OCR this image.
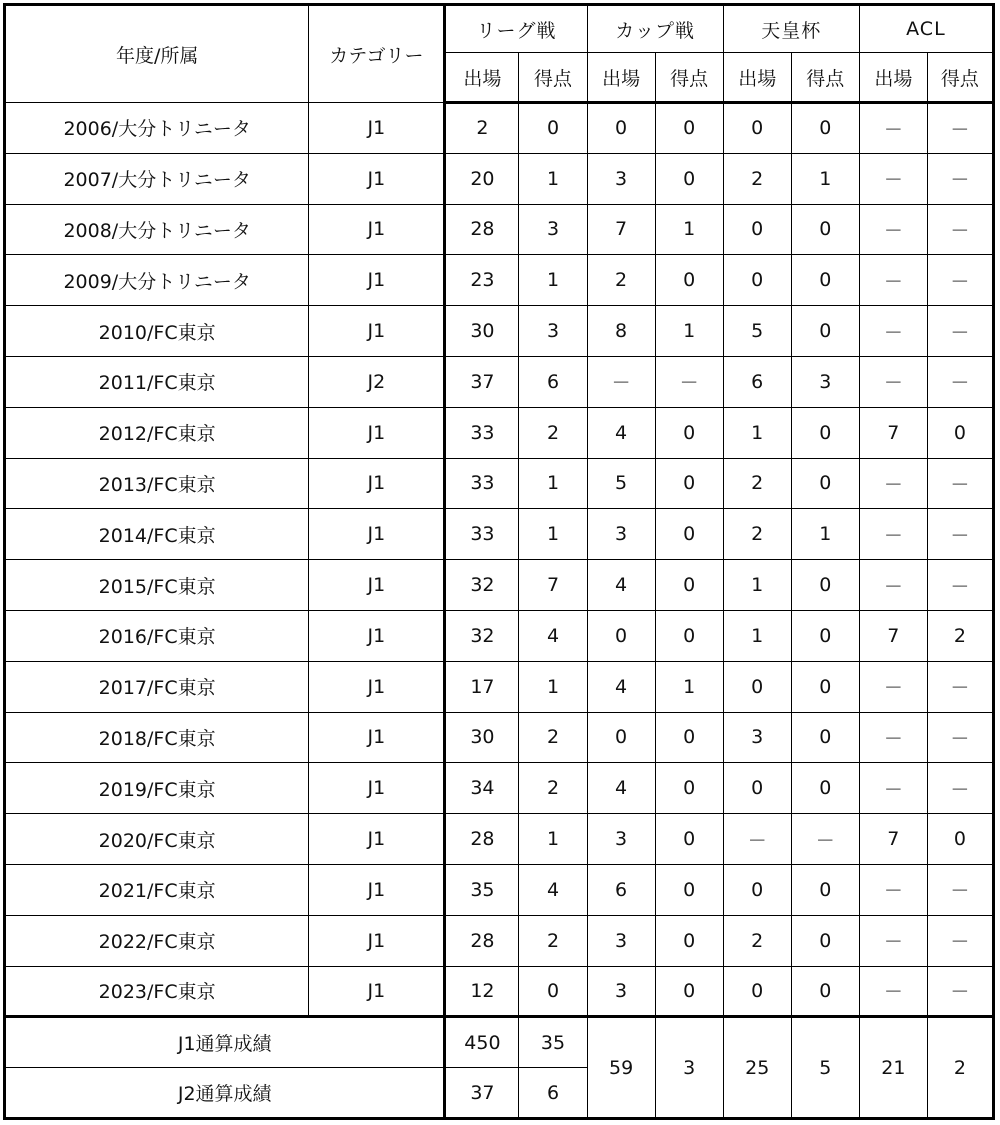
年度/所属	カテゴリー	リーグ戦		カップ戦		天皇杯		ACL	
		出場	得点	出場	得点	出場	得点	出場	得点
2006/大分トリニータ	J1	2	0	0	0	0	0	－	－
2007/大分トリニータ	J1	20	1	3	0	2	1	－	－
2008/大分トリニータ	J1	28	3	7	1	0	0	－	－
2009/大分トリニータ	J1	23	1	2	0	0	0	－	－
2010/FC東京	J1	30	3	8	1	5	0	－	－
2011/FC東京	J2	37	6	－	－	6	3	－	－
2012/FC東京	J1	33	2	4	0	1	0	7	0
2013/FC東京	J1	33	1	5	0	2	0	－	－
2014/FC東京	J1	33	1	3	0	2	1	－	－
2015/FC東京	J1	32	7	4	0	1	0	－	－
2016/FC東京	J1	32	4	0	0	1	0	7	2
2017/FC東京	J1	17	1	4	1	0	0	－	－
2018/FC東京	J1	30	2	0	0	3	0	－	－
2019/FC東京	J1	34	2	4	0	0	0	－	－
2020/FC東京	J1	28	1	3	0	－	－	7	0
2021/FC東京	J1	35	4	6	0	0	0	－	－
2022/FC東京	J1	28	2	3	0	2	0	－	－
2023/FC東京	J1	12	0	3	0	0	0	－	－
J1通算成績		450	35	59	3	25	5	21	2
J2通算成績		37	6						
